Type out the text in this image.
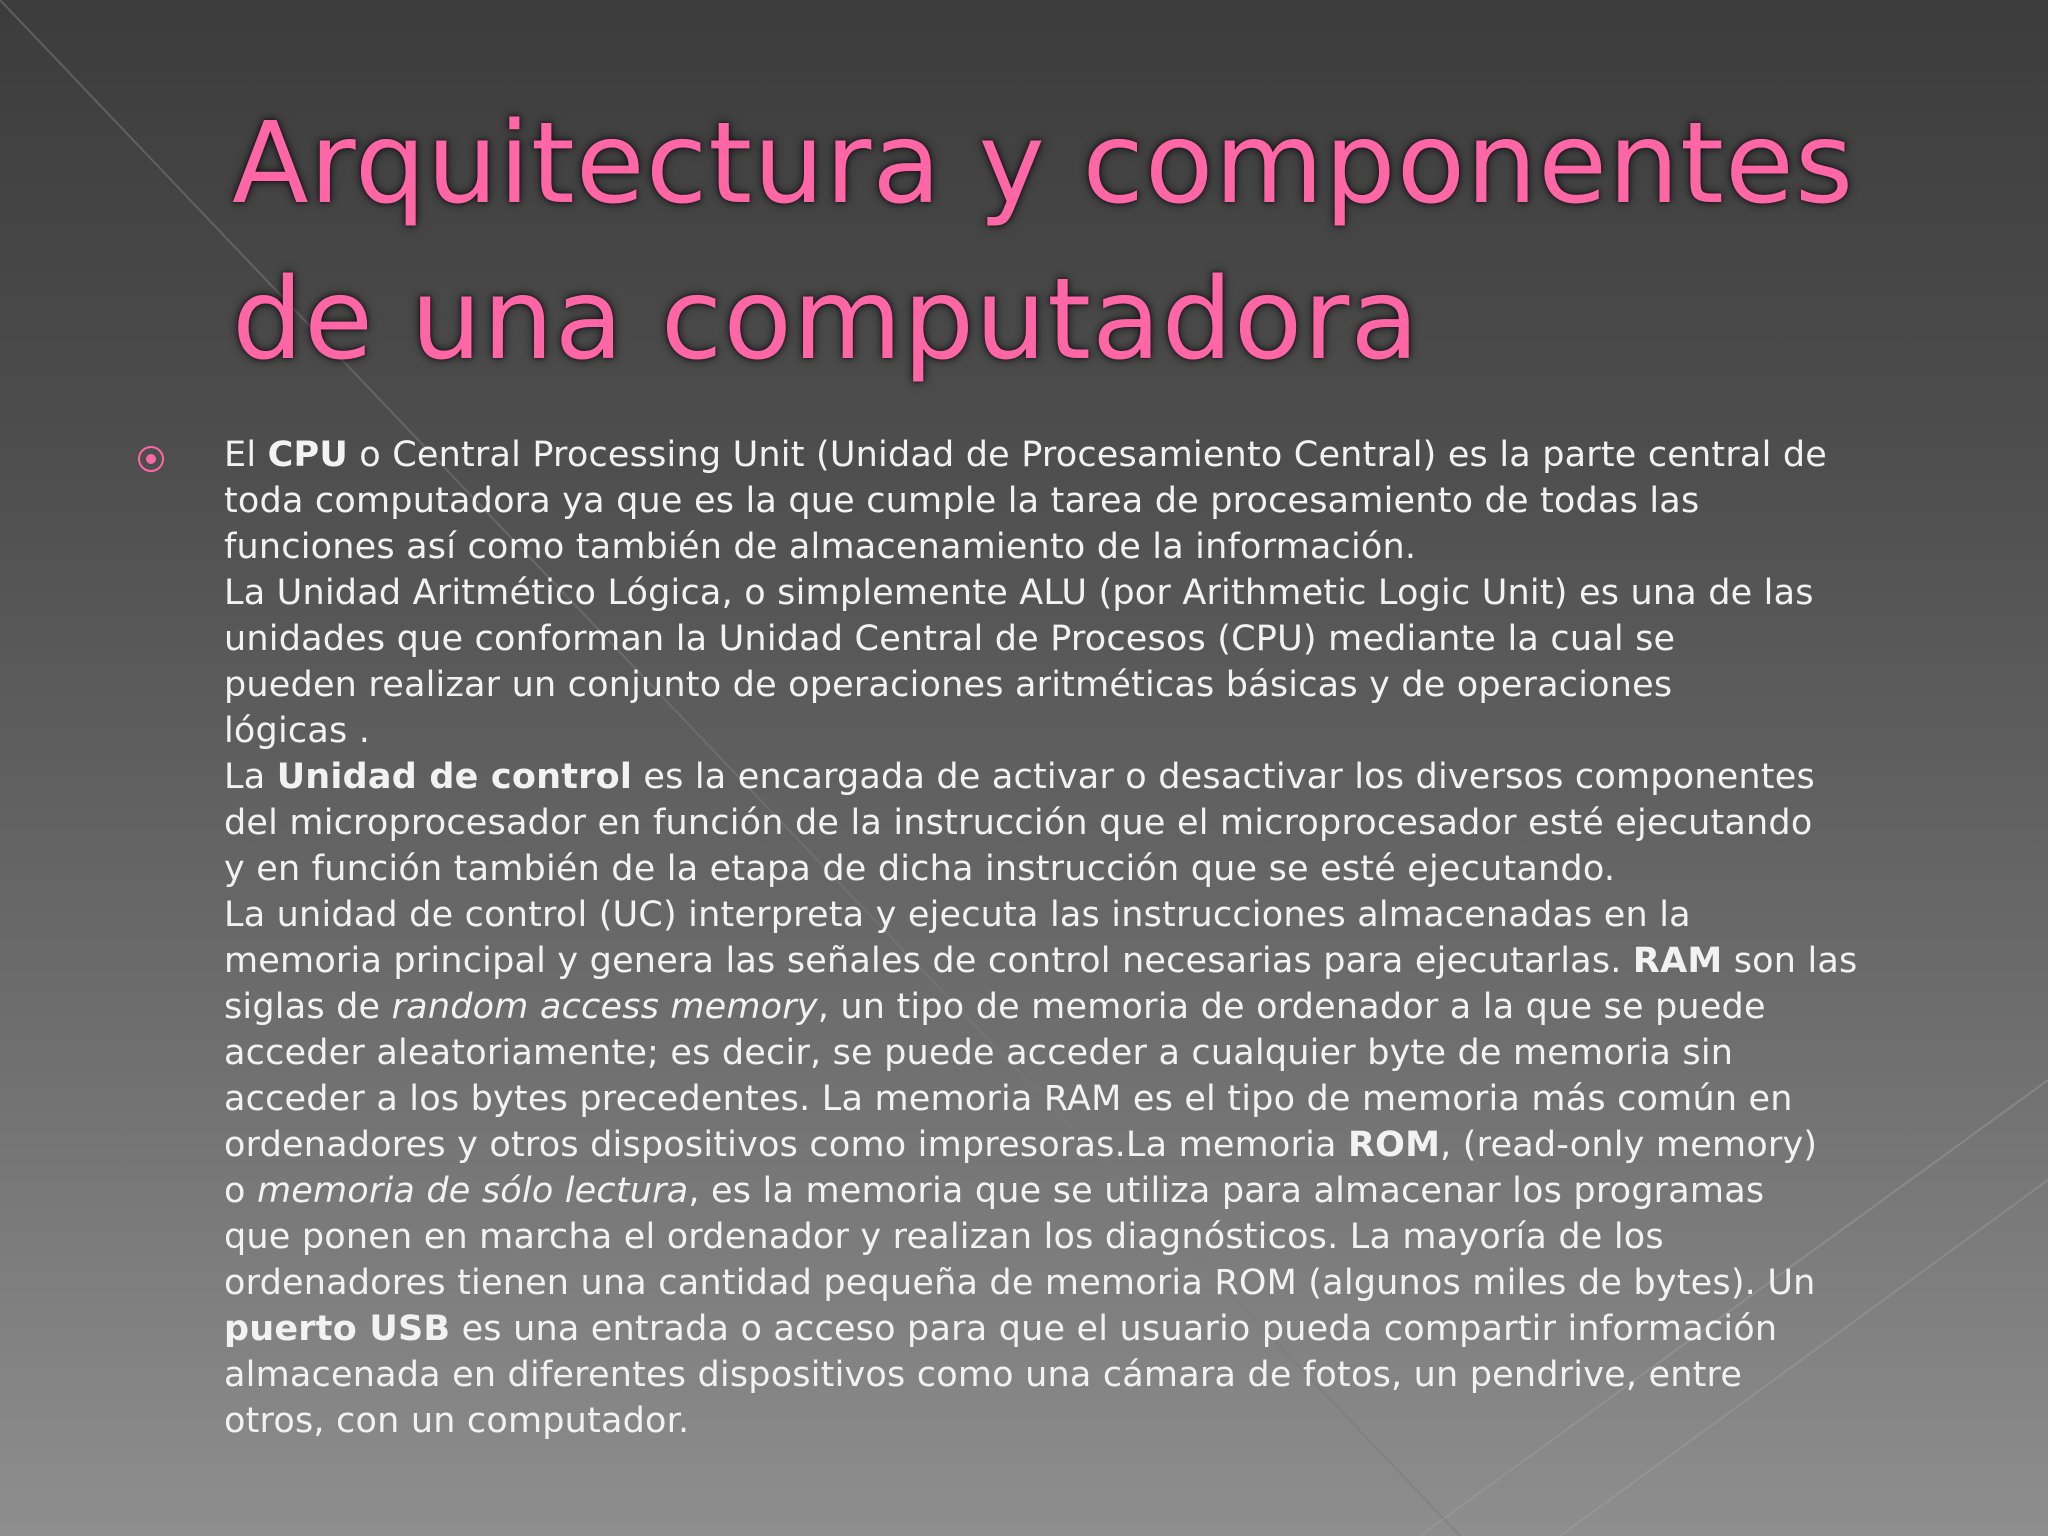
Arquitectura y componentes
de una computadora
El CPU o Central Processing Unit (Unidad de Procesamiento Central) es la parte central de
toda computadora ya que es la que cumple la tarea de procesamiento de todas las
funciones así como también de almacenamiento de la información.
La Unidad Aritmético Lógica, o simplemente ALU (por Arithmetic Logic Unit) es una de las
unidades que conforman la Unidad Central de Procesos (CPU) mediante la cual se
pueden realizar un conjunto de operaciones aritméticas básicas y de operaciones
lógicas .
La Unidad de control es la encargada de activar o desactivar los diversos componentes
del microprocesador en función de la instrucción que el microprocesador esté ejecutando
y en función también de la etapa de dicha instrucción que se esté ejecutando.
La unidad de control (UC) interpreta y ejecuta las instrucciones almacenadas en la
memoria principal y genera las señales de control necesarias para ejecutarlas. RAM son las
siglas de random access memory, un tipo de memoria de ordenador a la que se puede
acceder aleatoriamente; es decir, se puede acceder a cualquier byte de memoria sin
acceder a los bytes precedentes. La memoria RAM es el tipo de memoria más común en
ordenadores y otros dispositivos como impresoras.La memoria ROM, (read-only memory)
o memoria de sólo lectura, es la memoria que se utiliza para almacenar los programas
que ponen en marcha el ordenador y realizan los diagnósticos. La mayoría de los
ordenadores tienen una cantidad pequeña de memoria ROM (algunos miles de bytes). Un
puerto USB es una entrada o acceso para que el usuario pueda compartir información
almacenada en diferentes dispositivos como una cámara de fotos, un pendrive, entre
otros, con un computador.
